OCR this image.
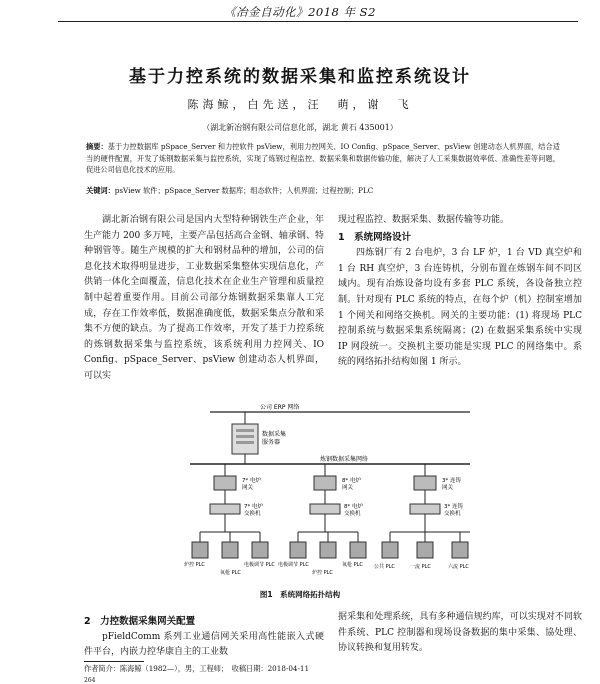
《冶金自动化》2018 年 S2
基于力控系统的数据采集和监控系统设计
陈海鲸，白先送，汪　萌，谢　飞
（湖北新冶钢有限公司信息化部，湖北 黄石 435001）
摘要：基于力控数据库 pSpace_Server 和力控软件 psView，利用力控网关、IO Config、pSpace_Server、psView 创建动态人机界面，结合适当的硬件配置，开发了炼钢数据采集与监控系统，实现了炼钢过程监控、数据采集和数据传输功能，解决了人工采集数据效率低、准确性差等问题，促进公司信息化技术的应用。
关键词：psView 软件；pSpace_Server 数据库；组态软件；人机界面；过程控制；PLC

湖北新冶钢有限公司是国内大型特种钢铁生产企业，年生产能力 200 多万吨，主要产品包括高合金钢、轴承钢、特种钢管等。随生产规模的扩大和钢材品种的增加，公司的信息化技术取得明显进步，工业数据采集整体实现信息化，产供销一体化全面覆盖，信息化技术在企业生产管理和质量控制中起着重要作用。目前公司部分炼钢数据采集靠人工完成，存在工作效率低，数据准确度低，数据采集点分散和采集不方便的缺点。为了提高工作效率，开发了基于力控系统的炼钢数据采集与监控系统，该系统利用力控网关、IO Config、pSpace_Server、psView 创建动态人机界面，可以实

现过程监控、数据采集、数据传输等功能。

1　系统网络设计

四炼钢厂有 2 台电炉，3 台 LF 炉，1 台 VD 真空炉和 1 台 RH 真空炉，3 台连铸机，分别布置在炼钢车间不同区域内。现有冶炼设备均设有多套 PLC 系统，各设备独立控制。针对现有 PLC 系统的特点，在每个炉（机）控制室增加 1 个网关和网络交换机。网关的主要功能：(1) 将现场 PLC 控制系统与数据采集系统隔离；(2) 在数据采集系统中实现 IP 网段统一。交换机主要功能是实现 PLC 的网络集中。系统的网络拓扑结构如图 1 所示。

公司 ERP 网络
数据采集
服务器
炼钢数据采集网络
7* 电炉
网关
7* 电炉
交换机
炉控 PLC
氧枪 PLC
电极调节 PLC
8* 电炉
网关
8* 电炉
交换机
电极调节 PLC
炉控 PLC
氧枪 PLC
3* 连铸
网关
3* 连铸
交换机
公共 PLC	一流 PLC	六流 PLC
图1　系统网络拓扑结构
2　力控数据采集网关配置

pFieldComm 系列工业通信网关采用高性能嵌入式硬件平台，内嵌力控华康自主的工业数

据采集和处理系统，具有多种通信规约库，可以实现对不同软件系统、PLC 控制器和现场设备数据的集中采集、協处理、协议转换和复用转发。

作者简介：陈海鲸（1982—），男，工程师；　收稿日期：2018-04-11
264
